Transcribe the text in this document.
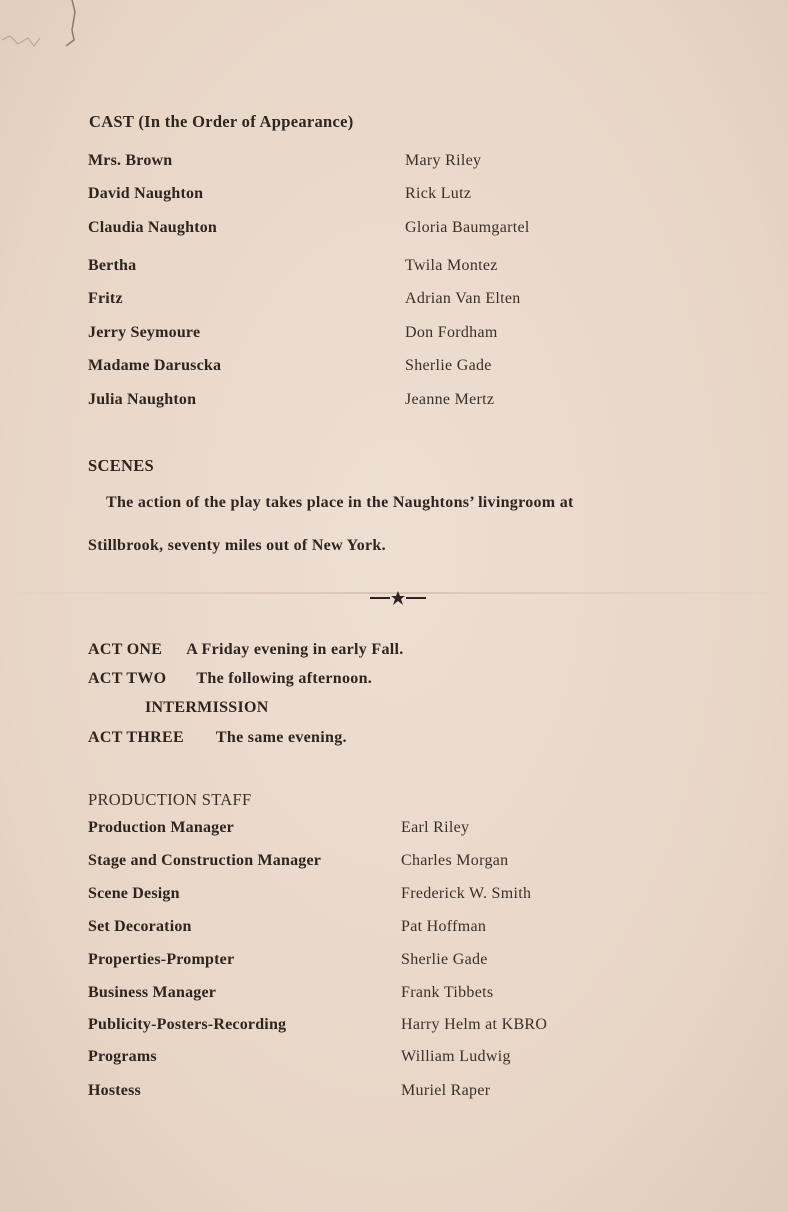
CAST (In the Order of Appearance)
Mrs. Brown	Mary Riley
David Naughton	Rick Lutz
Claudia Naughton	Gloria Baumgartel
Bertha	Twila Montez
Fritz	Adrian Van Elten
Jerry Seymoure	Don Fordham
Madame Daruscka	Sherlie Gade
Julia Naughton	Jeanne Mertz
SCENES
The action of the play takes place in the Naughtons’ livingroom at
Stillbrook, seventy miles out of New York.
ACT ONE A Friday evening in early Fall.
ACT TWO The following afternoon.
INTERMISSION
ACT THREE The same evening.
PRODUCTION STAFF
Production Manager	Earl Riley
Stage and Construction Manager	Charles Morgan
Scene Design	Frederick W. Smith
Set Decoration	Pat Hoffman
Properties-Prompter	Sherlie Gade
Business Manager	Frank Tibbets
Publicity-Posters-Recording	Harry Helm at KBRO
Programs	William Ludwig
Hostess	Muriel Raper
